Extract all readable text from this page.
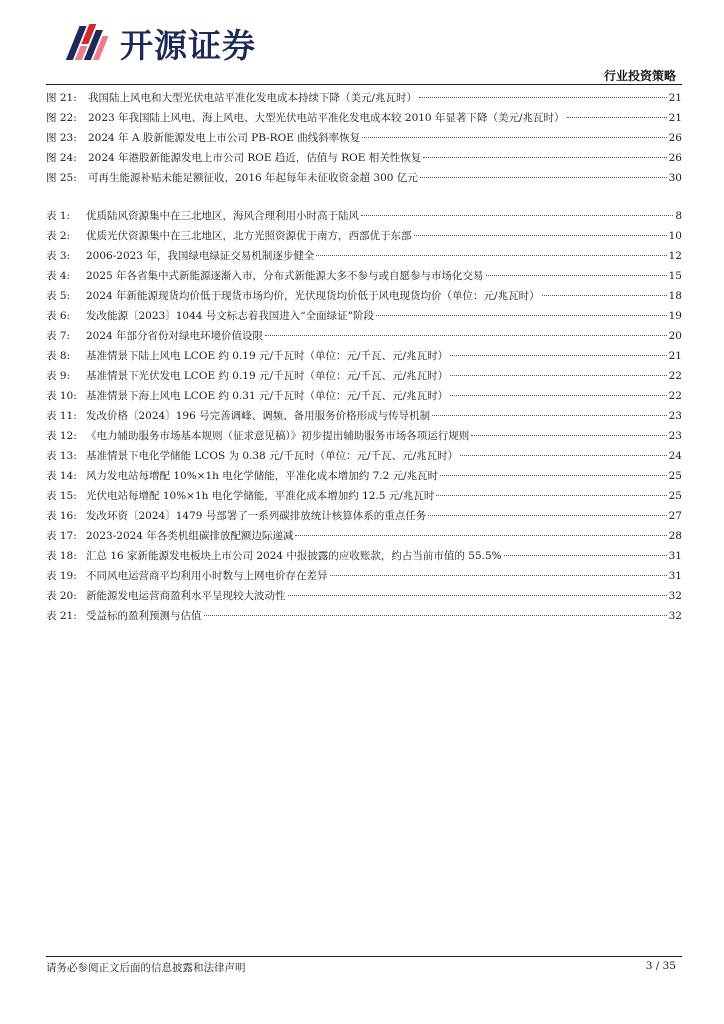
开源证券
行业投资策略
图 21:	我国陆上风电和大型光伏电站平准化发电成本持续下降（美元/兆瓦时）	21
图 22:	2023 年我国陆上风电、海上风电、大型光伏电站平准化发电成本较 2010 年显著下降（美元/兆瓦时）	21
图 23:	2024 年 A 股新能源发电上市公司 PB-ROE 曲线斜率恢复	26
图 24:	2024 年港股新能源发电上市公司 ROE 趋近，估值与 ROE 相关性恢复	26
图 25:	可再生能源补贴未能足额征收，2016 年起每年未征收资金超 300 亿元	30
表 1:	优质陆风资源集中在三北地区，海风合理利用小时高于陆风	8
表 2:	优质光伏资源集中在三北地区，北方光照资源优于南方，西部优于东部	10
表 3:	2006-2023 年，我国绿电绿证交易机制逐步健全	12
表 4:	2025 年各省集中式新能源逐渐入市，分布式新能源大多不参与或自愿参与市场化交易	15
表 5:	2024 年新能源现货均价低于现货市场均价，光伏现货均价低于风电现货均价（单位：元/兆瓦时）	18
表 6:	发改能源〔2023〕1044 号文标志着我国进入“全面绿证”阶段	19
表 7:	2024 年部分省份对绿电环境价值设限	20
表 8:	基准情景下陆上风电 LCOE 约 0.19 元/千瓦时（单位：元/千瓦、元/兆瓦时）	21
表 9:	基准情景下光伏发电 LCOE 约 0.19 元/千瓦时（单位：元/千瓦、元/兆瓦时）	22
表 10: 基准情景下海上风电 LCOE 约 0.31 元/千瓦时（单位：元/千瓦、元/兆瓦时）	22
表 11: 发改价格〔2024〕196 号完善调峰、调频、备用服务价格形成与传导机制	23
表 12: 《电力辅助服务市场基本规则（征求意见稿）》初步提出辅助服务市场各项运行规则	23
表 13: 基准情景下电化学储能 LCOS 为 0.38 元/千瓦时（单位：元/千瓦、元/兆瓦时）	24
表 14: 风力发电站每增配 10%×1h 电化学储能，平准化成本增加约 7.2 元/兆瓦时	25
表 15: 光伏电站每增配 10%×1h 电化学储能，平准化成本增加约 12.5 元/兆瓦时	25
表 16: 发改环资〔2024〕1479 号部署了一系列碳排放统计核算体系的重点任务	27
表 17: 2023-2024 年各类机组碳排放配额边际递减	28
表 18: 汇总 16 家新能源发电板块上市公司 2024 中报披露的应收账款，约占当前市值的 55.5%	31
表 19: 不同风电运营商平均利用小时数与上网电价存在差异	31
表 20: 新能源发电运营商盈利水平呈现较大波动性	32
表 21: 受益标的盈利预测与估值	32
请务必参阅正文后面的信息披露和法律声明	3 / 35
